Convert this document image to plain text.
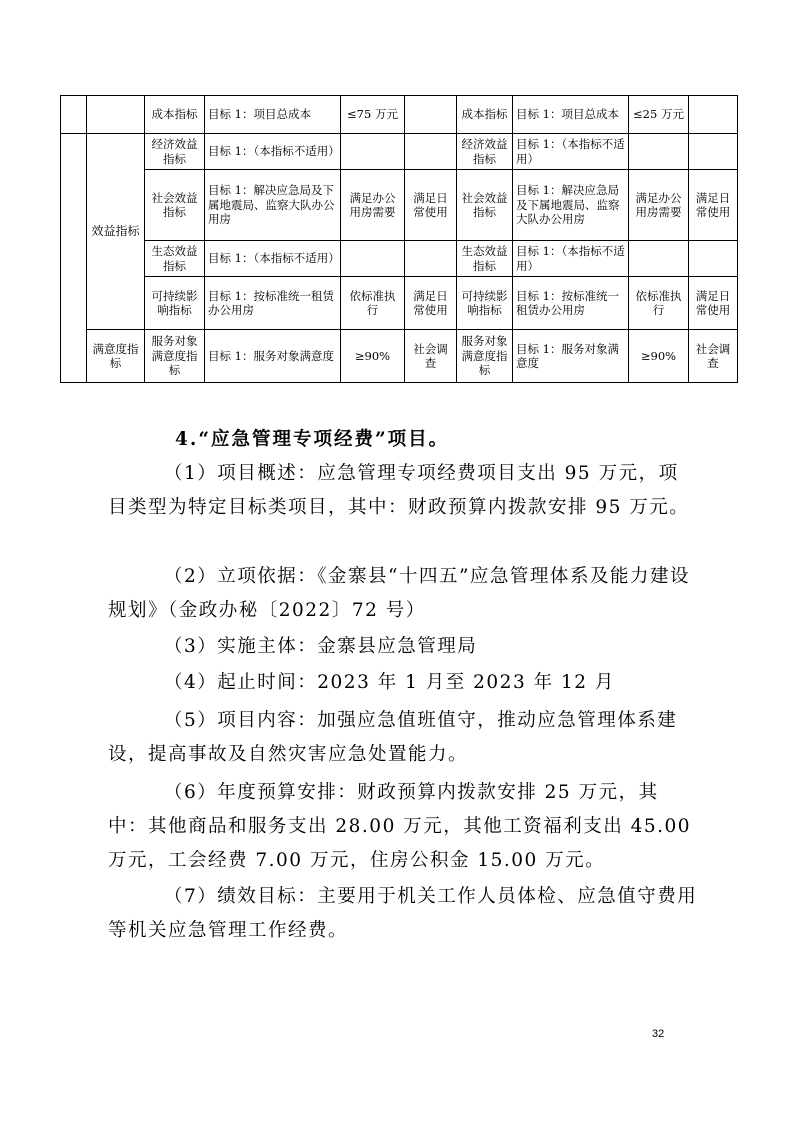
		成本指标	目标 1：项目总成本	≤75 万元		成本指标	目标 1：项目总成本	≤25 万元	
	效益指标	经济效益指标	目标 1：（本指标不适用）			经济效益指标	目标 1：（本指标不适用）		
		社会效益指标	目标 1：解决应急局及下属地震局、监察大队办公用房	满足办公用房需要	满足日常使用	社会效益指标	目标 1：解决应急局及下属地震局、监察大队办公用房	满足办公用房需要	满足日常使用
		生态效益指标	目标 1：（本指标不适用）			生态效益指标	目标 1：（本指标不适用）		
		可持续影响指标	目标 1：按标准统一租赁办公用房	依标准执行	满足日常使用	可持续影响指标	目标 1：按标准统一租赁办公用房	依标准执行	满足日常使用
	满意度指标	服务对象满意度指标	目标 1：服务对象满意度	≥90%	社会调查	服务对象满意度指标	目标 1：服务对象满意度	≥90%	社会调查

4.“应急管理专项经费”项目。

（1）项目概述：应急管理专项经费项目支出 95 万元，项目类型为特定目标类项目，其中：财政预算内拨款安排 95 万元。

（2）立项依据：《金寨县“十四五”应急管理体系及能力建设规划》（金政办秘〔2022〕72 号）

（3）实施主体：金寨县应急管理局

（4）起止时间：2023 年 1 月至 2023 年 12 月

（5）项目内容：加强应急值班值守，推动应急管理体系建设，提高事故及自然灾害应急处置能力。

（6）年度预算安排：财政预算内拨款安排 25 万元，其中：其他商品和服务支出 28.00 万元，其他工资福利支出 45.00 万元，工会经费 7.00 万元，住房公积金 15.00 万元。

（7）绩效目标：主要用于机关工作人员体检、应急值守费用等机关应急管理工作经费。

32
